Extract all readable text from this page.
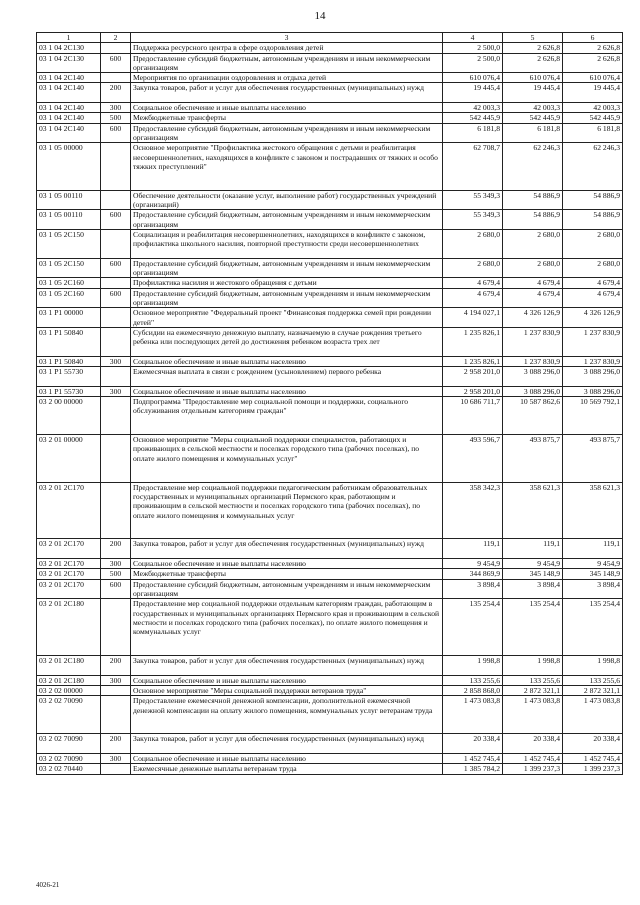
14
1	2	3	4	5	6
03 1 04 2С130		Поддержка ресурсного центра в сфере оздоровления детей	2 500,0	2 626,8	2 626,8
03 1 04 2С130	600	Предоставление субсидий бюджетным, автономным учреждениям и иным некоммерческим организациям	2 500,0	2 626,8	2 626,8
03 1 04 2С140		Мероприятия по организации оздоровления и отдыха детей	610 076,4	610 076,4	610 076,4
03 1 04 2С140	200	Закупка товаров, работ и услуг для обеспечения государственных (муниципальных) нужд	19 445,4	19 445,4	19 445,4
03 1 04 2С140	300	Социальное обеспечение и иные выплаты населению	42 003,3	42 003,3	42 003,3
03 1 04 2С140	500	Межбюджетные трансферты	542 445,9	542 445,9	542 445,9
03 1 04 2С140	600	Предоставление субсидий бюджетным, автономным учреждениям и иным некоммерческим организациям	6 181,8	6 181,8	6 181,8
03 1 05 00000		Основное мероприятие "Профилактика жестокого обращения с детьми и реабилитация несовершеннолетних, находящихся в конфликте с законом и пострадавших от тяжких и особо тяжких преступлений"	62 708,7	62 246,3	62 246,3
03 1 05 00110		Обеспечение деятельности (оказание услуг, выполнение работ) государственных учреждений (организаций)	55 349,3	54 886,9	54 886,9
03 1 05 00110	600	Предоставление субсидий бюджетным, автономным учреждениям и иным некоммерческим организациям	55 349,3	54 886,9	54 886,9
03 1 05 2С150		Социализация и реабилитация несовершеннолетних, находящихся в конфликте с законом, профилактика школьного насилия, повторной преступности среди несовершеннолетних	2 680,0	2 680,0	2 680,0
03 1 05 2С150	600	Предоставление субсидий бюджетным, автономным учреждениям и иным некоммерческим организациям	2 680,0	2 680,0	2 680,0
03 1 05 2С160		Профилактика насилия и жестокого обращения с детьми	4 679,4	4 679,4	4 679,4
03 1 05 2С160	600	Предоставление субсидий бюджетным, автономным учреждениям и иным некоммерческим организациям	4 679,4	4 679,4	4 679,4
03 1 Р1 00000		Основное мероприятие "Федеральный проект "Финансовая поддержка семей при рождении детей"	4 194 027,1	4 326 126,9	4 326 126,9
03 1 Р1 50840		Субсидии на ежемесячную денежную выплату, назначаемую в случае рождения третьего ребенка или последующих детей до достижения ребенком возраста трех лет	1 235 826,1	1 237 830,9	1 237 830,9
03 1 Р1 50840	300	Социальное обеспечение и иные выплаты населению	1 235 826,1	1 237 830,9	1 237 830,9
03 1 Р1 55730		Ежемесячная выплата в связи с рождением (усыновлением) первого ребенка	2 958 201,0	3 088 296,0	3 088 296,0
03 1 Р1 55730	300	Социальное обеспечение и иные выплаты населению	2 958 201,0	3 088 296,0	3 088 296,0
03 2 00 00000		Подпрограмма "Предоставление мер социальной помощи и поддержки, социального обслуживания отдельным категориям граждан"	10 686 711,7	10 587 862,6	10 569 792,1
03 2 01 00000		Основное мероприятие "Меры социальной поддержки специалистов, работающих и проживающих в сельской местности и поселках городского типа (рабочих поселках), по оплате жилого помещения и коммунальных услуг"	493 596,7	493 875,7	493 875,7
03 2 01 2С170		Предоставление мер социальной поддержки педагогическим работникам образовательных государственных и муниципальных организаций Пермского края, работающим и проживающим в сельской местности и поселках городского типа (рабочих поселках), по оплате жилого помещения и коммунальных услуг	358 342,3	358 621,3	358 621,3
03 2 01 2С170	200	Закупка товаров, работ и услуг для обеспечения государственных (муниципальных) нужд	119,1	119,1	119,1
03 2 01 2С170	300	Социальное обеспечение и иные выплаты населению	9 454,9	9 454,9	9 454,9
03 2 01 2С170	500	Межбюджетные трансферты	344 869,9	345 148,9	345 148,9
03 2 01 2С170	600	Предоставление субсидий бюджетным, автономным учреждениям и иным некоммерческим организациям	3 898,4	3 898,4	3 898,4
03 2 01 2С180		Предоставление мер социальной поддержки отдельным категориям граждан, работающим в государственных и муниципальных организациях Пермского края и проживающим в сельской местности и поселках городского типа (рабочих поселках), по оплате жилого помещения и коммунальных услуг	135 254,4	135 254,4	135 254,4
03 2 01 2С180	200	Закупка товаров, работ и услуг для обеспечения государственных (муниципальных) нужд	1 998,8	1 998,8	1 998,8
03 2 01 2С180	300	Социальное обеспечение и иные выплаты населению	133 255,6	133 255,6	133 255,6
03 2 02 00000		Основное мероприятие "Меры социальной поддержки ветеранов труда"	2 858 868,0	2 872 321,1	2 872 321,1
03 2 02 70090		Предоставление ежемесячной денежной компенсации, дополнительной ежемесячной денежной компенсации на оплату жилого помещения, коммунальных услуг ветеранам труда	1 473 083,8	1 473 083,8	1 473 083,8
03 2 02 70090	200	Закупка товаров, работ и услуг для обеспечения государственных (муниципальных) нужд	20 338,4	20 338,4	20 338,4
03 2 02 70090	300	Социальное обеспечение и иные выплаты населению	1 452 745,4	1 452 745,4	1 452 745,4
03 2 02 70440		Ежемесячные денежные выплаты ветеранам труда	1 385 784,2	1 399 237,3	1 399 237,3
4026-21
